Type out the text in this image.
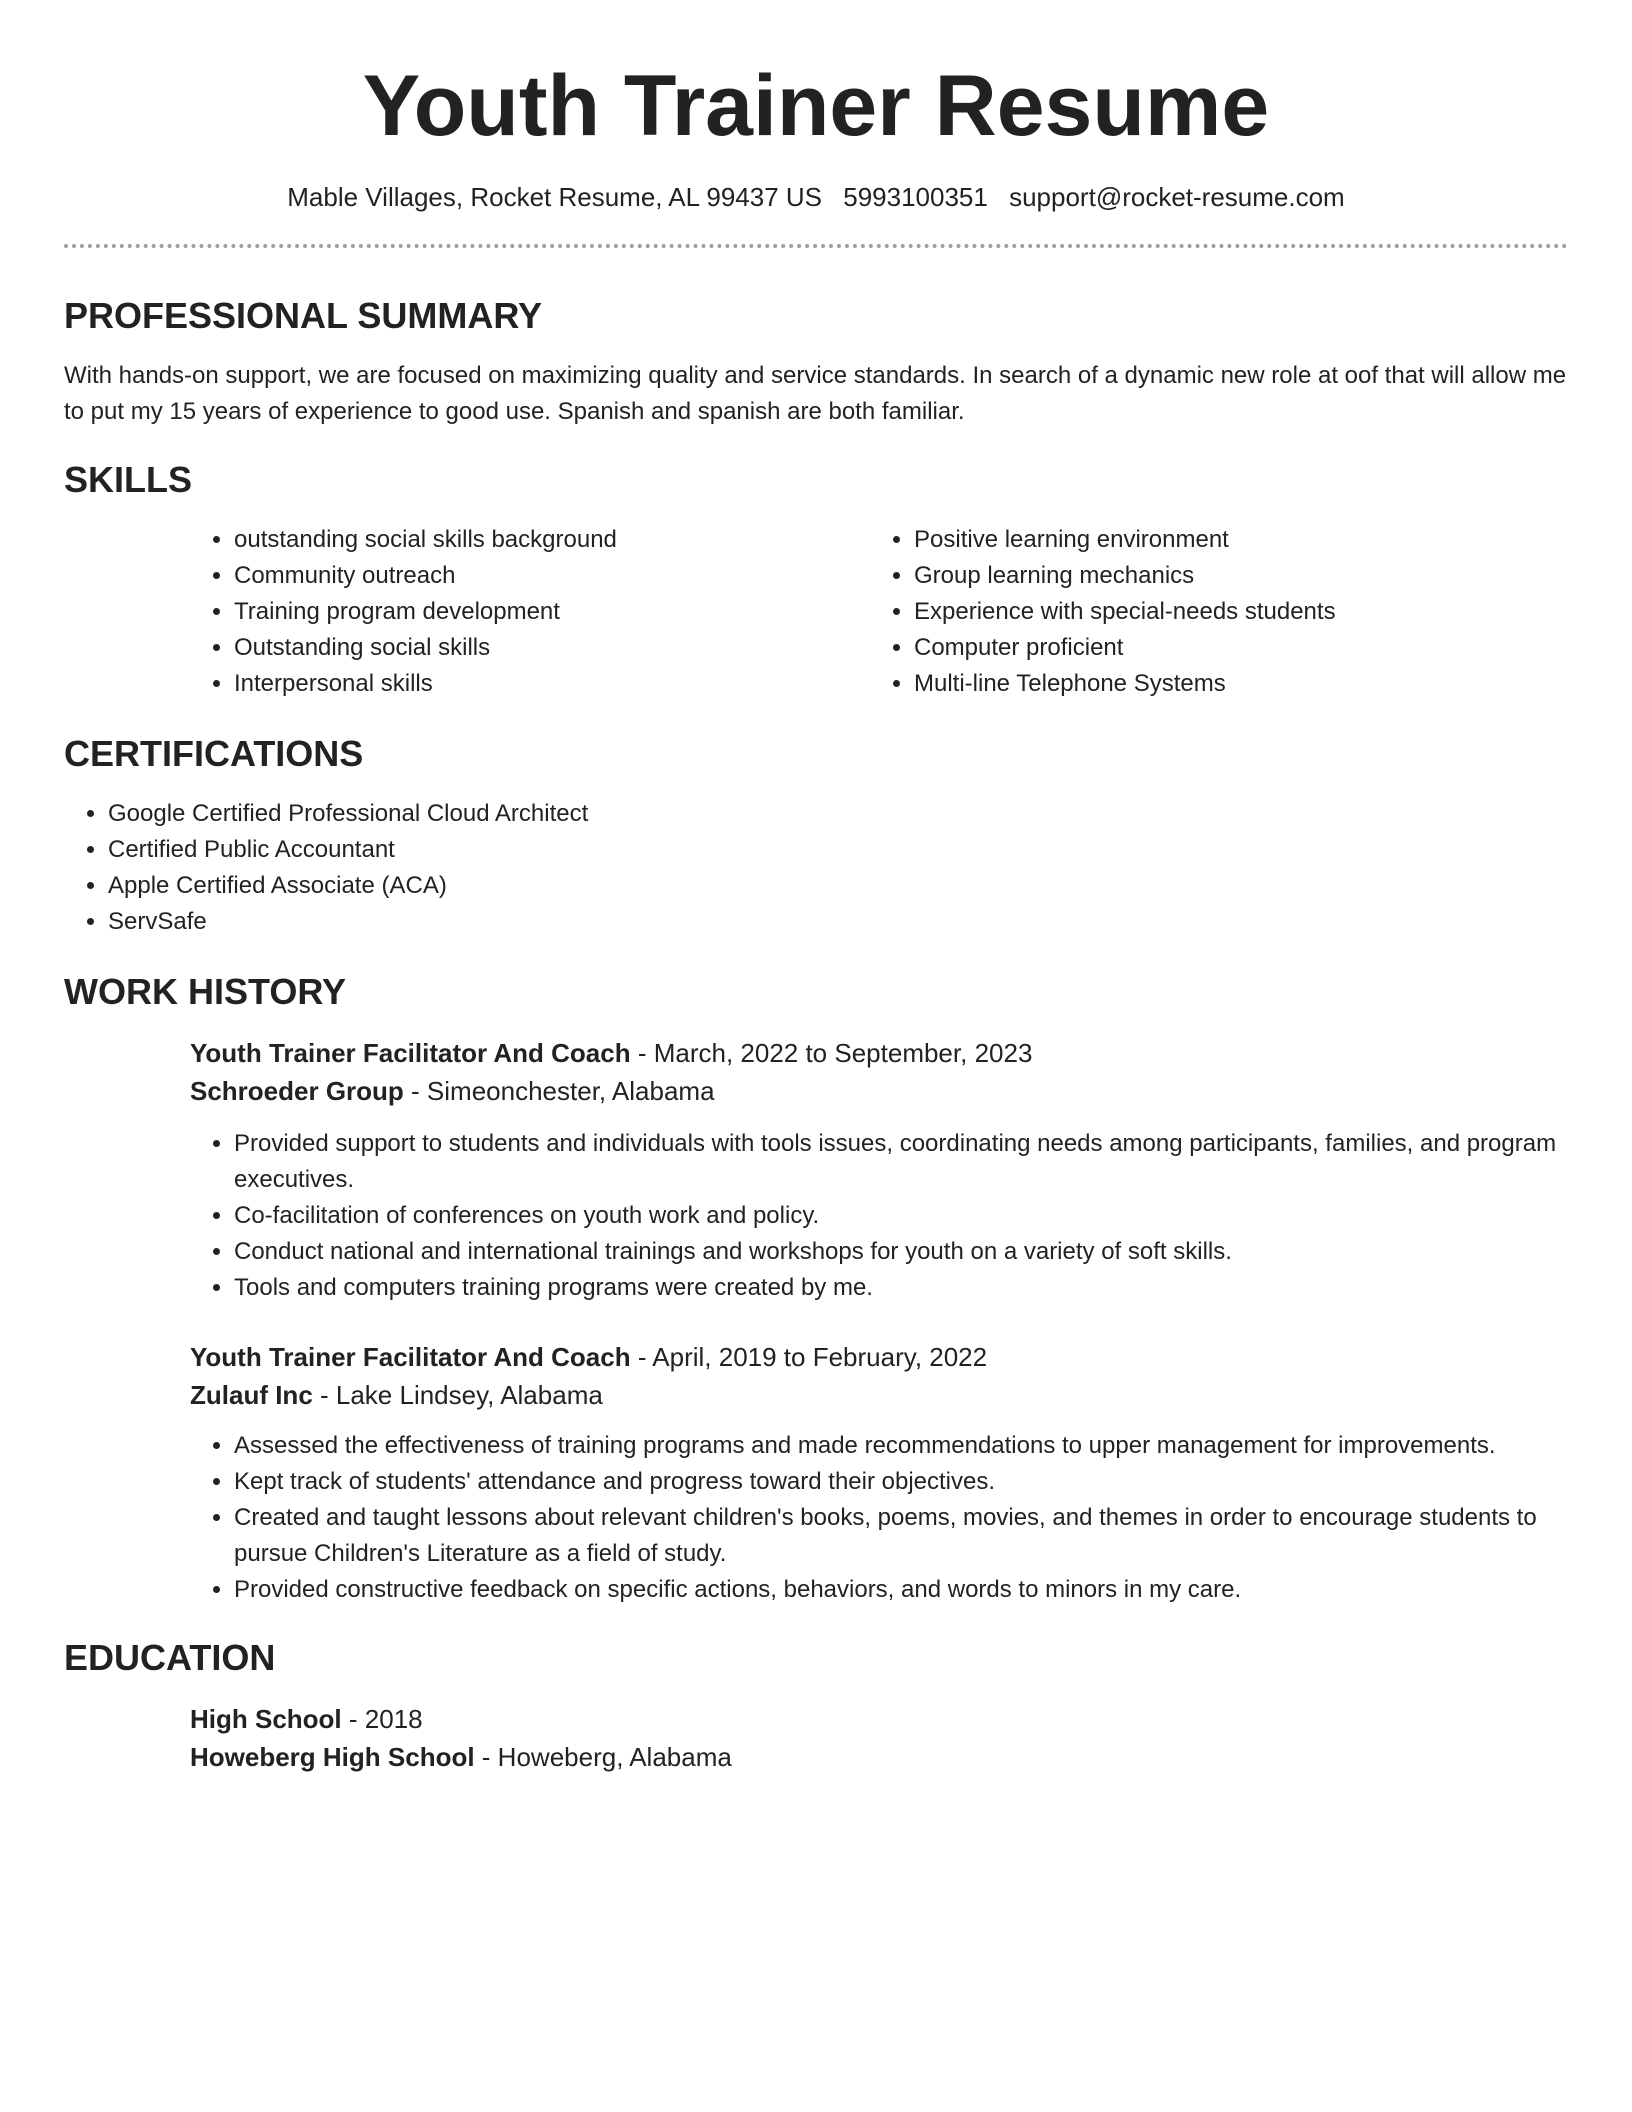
Youth Trainer Resume
Mable Villages, Rocket Resume, AL 99437 US 5993100351 support@rocket-resume.com
PROFESSIONAL SUMMARY

With hands-on support, we are focused on maximizing quality and service standards. In search of a dynamic new role at oof that will allow me to put my 15 years of experience to good use. Spanish and spanish are both familiar.

SKILLS
• outstanding social skills background
• Community outreach
• Training program development
• Outstanding social skills
• Interpersonal skills
• Positive learning environment
• Group learning mechanics
• Experience with special-needs students
• Computer proficient
• Multi-line Telephone Systems
CERTIFICATIONS
• Google Certified Professional Cloud Architect
• Certified Public Accountant
• Apple Certified Associate (ACA)
• ServSafe
WORK HISTORY
Youth Trainer Facilitator And Coach - March, 2022 to September, 2023
Schroeder Group - Simeonchester, Alabama
• Provided support to students and individuals with tools issues, coordinating needs among participants, families, and program executives.
• Co-facilitation of conferences on youth work and policy.
• Conduct national and international trainings and workshops for youth on a variety of soft skills.
• Tools and computers training programs were created by me.
Youth Trainer Facilitator And Coach - April, 2019 to February, 2022
Zulauf Inc - Lake Lindsey, Alabama
• Assessed the effectiveness of training programs and made recommendations to upper management for improvements.
• Kept track of students' attendance and progress toward their objectives.
• Created and taught lessons about relevant children's books, poems, movies, and themes in order to encourage students to pursue Children's Literature as a field of study.
• Provided constructive feedback on specific actions, behaviors, and words to minors in my care.
EDUCATION
High School - 2018
Howeberg High School - Howeberg, Alabama
